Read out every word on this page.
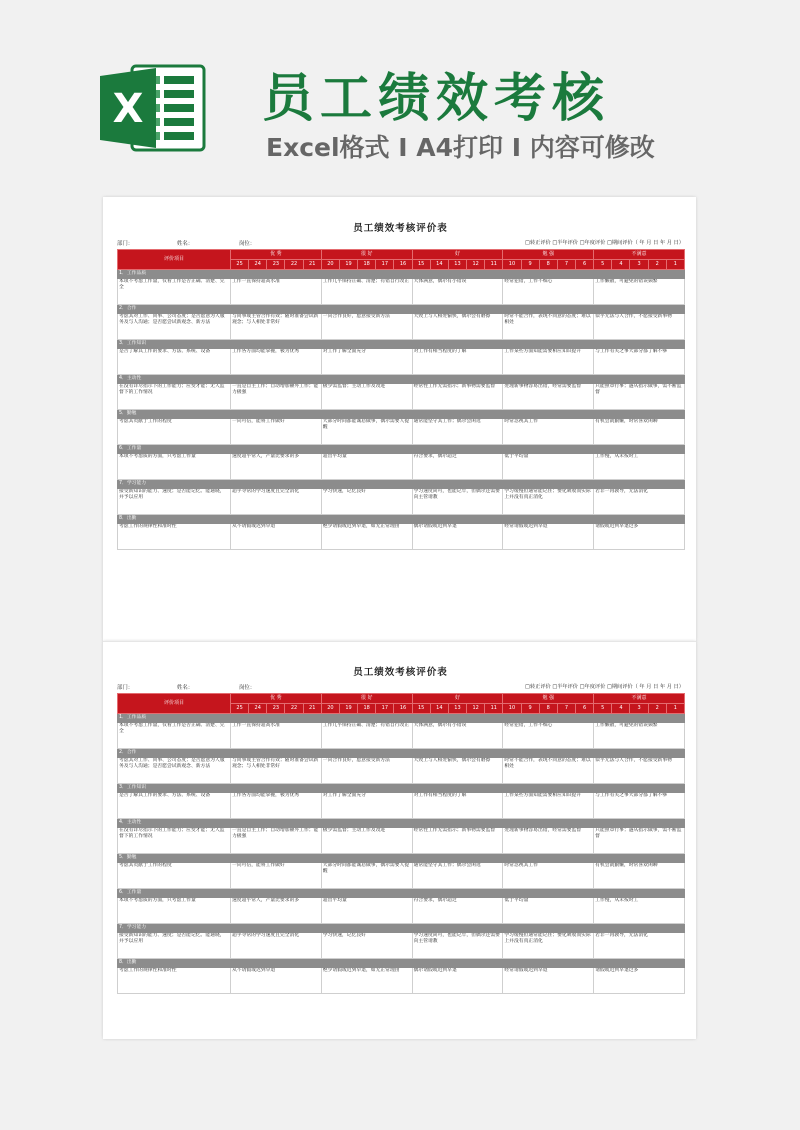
X 员工绩效考核
Excel格式 I A4打印 I 内容可修改
员工绩效考核评价表
部门：	姓名：	岗位：	□转正评价 □半年评价 □年度评价 □期间评价（ 年 月 日 年 月 日）
评价项目	优 秀					很 好					好					勉 强					不满意				
	25	24	23	22	21	20	19	18	17	16	15	14	13	12	11	10	9	8	7	6	5	4	3	2	1
1．工作品质																									
本项不考虑工作量，仅看工作是否正确、清楚、完全	工作一直保持超高水准					工作几乎保持正确、清楚；有错自行改正					大体满意，偶尔有小错误					经常犯错，工作不细心					工作懒散，可避免的错误频繁				
2．合作																									
考虑其对工作、同事、公司态度；是否愿意为人服务及与人沟通；是否愿尝试新观念、新方法	与同事或主管合作有效；随时准备尝试新观念；与人相处非常好					一向合作良好，愿意接受新方法					大致上与人相处愉快，偶尔会有磨擦					时常不能合作，表现不同意的态度；难以相处					似乎无法与人合作，不愿接受新事物				
3．工作知识																									
是否了解其工作的要求、方法、系统、设备	工作各方面均能掌握，极为优秀					对工作了解全面充分					对工作有相当程度的了解					工作某些方面知能需要相应知识提升					与工作有关之事大部分都了解不够				
4．主动性																									
在没有详尽指示下的工作能力；应变才能；无人监督下的工作情况	一直是自主工作；自动增加额外工作；能力极强					极少需监督；主动工作及改进					经常性工作无需指示；新事物需要监督					处理新事物容易出错，经常需要监督					只能照章行事；遇从指示做事，需不断监督				
5．勤勉																									
考虑其贡献于工作的程度	一向可信，能将工作做好					大部分时间都能诚恳做事，偶尔需要人提醒					通常能坚守其工作；偶尔会闲逛					时常忽视其工作					有机会就偷懒，时常喜欢闲聊				
6．工作量																									
本项不考虑质的方面，只考虑工作量	速度超乎常人，产量比要求的多					超出平均量					符合要求，偶尔超过					低于平均量					工作慢，从未按时工				
7．学习能力																									
接受新知识的能力、速度；是否能记忆、能通晓，并予以应用	超乎寻常的学习速度且完全消化					学习快速，记忆良好					学习速度尚可，也能记牢，但偶尔还需要向主管请教					学习缓慢但通常能记住；要化吸收而实际上并没有真正消化					若非一再教导，无法消化				
8．出勤																									
考虑工作的规律性和准时性	从不请假或迟到早退					绝少请假或迟到早退，如无正常理由					偶尔请假或迟到早退					经常请假或迟到早退					请假或迟到早退过多				
员工绩效考核评价表
部门：	姓名：	岗位：	□转正评价 □半年评价 □年度评价 □期间评价（ 年 月 日 年 月 日）
评价项目	优 秀					很 好					好					勉 强					不满意				
	25	24	23	22	21	20	19	18	17	16	15	14	13	12	11	10	9	8	7	6	5	4	3	2	1
1．工作品质																									
本项不考虑工作量，仅看工作是否正确、清楚、完全	工作一直保持超高水准					工作几乎保持正确、清楚；有错自行改正					大体满意，偶尔有小错误					经常犯错，工作不细心					工作懒散，可避免的错误频繁				
2．合作																									
考虑其对工作、同事、公司态度；是否愿意为人服务及与人沟通；是否愿尝试新观念、新方法	与同事或主管合作有效；随时准备尝试新观念；与人相处非常好					一向合作良好，愿意接受新方法					大致上与人相处愉快，偶尔会有磨擦					时常不能合作，表现不同意的态度；难以相处					似乎无法与人合作，不愿接受新事物				
3．工作知识																									
是否了解其工作的要求、方法、系统、设备	工作各方面均能掌握，极为优秀					对工作了解全面充分					对工作有相当程度的了解					工作某些方面知能需要相应知识提升					与工作有关之事大部分都了解不够				
4．主动性																									
在没有详尽指示下的工作能力；应变才能；无人监督下的工作情况	一直是自主工作；自动增加额外工作；能力极强					极少需监督；主动工作及改进					经常性工作无需指示；新事物需要监督					处理新事物容易出错，经常需要监督					只能照章行事；遇从指示做事，需不断监督				
5．勤勉																									
考虑其贡献于工作的程度	一向可信，能将工作做好					大部分时间都能诚恳做事，偶尔需要人提醒					通常能坚守其工作；偶尔会闲逛					时常忽视其工作					有机会就偷懒，时常喜欢闲聊				
6．工作量																									
本项不考虑质的方面，只考虑工作量	速度超乎常人，产量比要求的多					超出平均量					符合要求，偶尔超过					低于平均量					工作慢，从未按时工				
7．学习能力																									
接受新知识的能力、速度；是否能记忆、能通晓，并予以应用	超乎寻常的学习速度且完全消化					学习快速，记忆良好					学习速度尚可，也能记牢，但偶尔还需要向主管请教					学习缓慢但通常能记住；要化吸收而实际上并没有真正消化					若非一再教导，无法消化				
8．出勤																									
考虑工作的规律性和准时性	从不请假或迟到早退					绝少请假或迟到早退，如无正常理由					偶尔请假或迟到早退					经常请假或迟到早退					请假或迟到早退过多				
